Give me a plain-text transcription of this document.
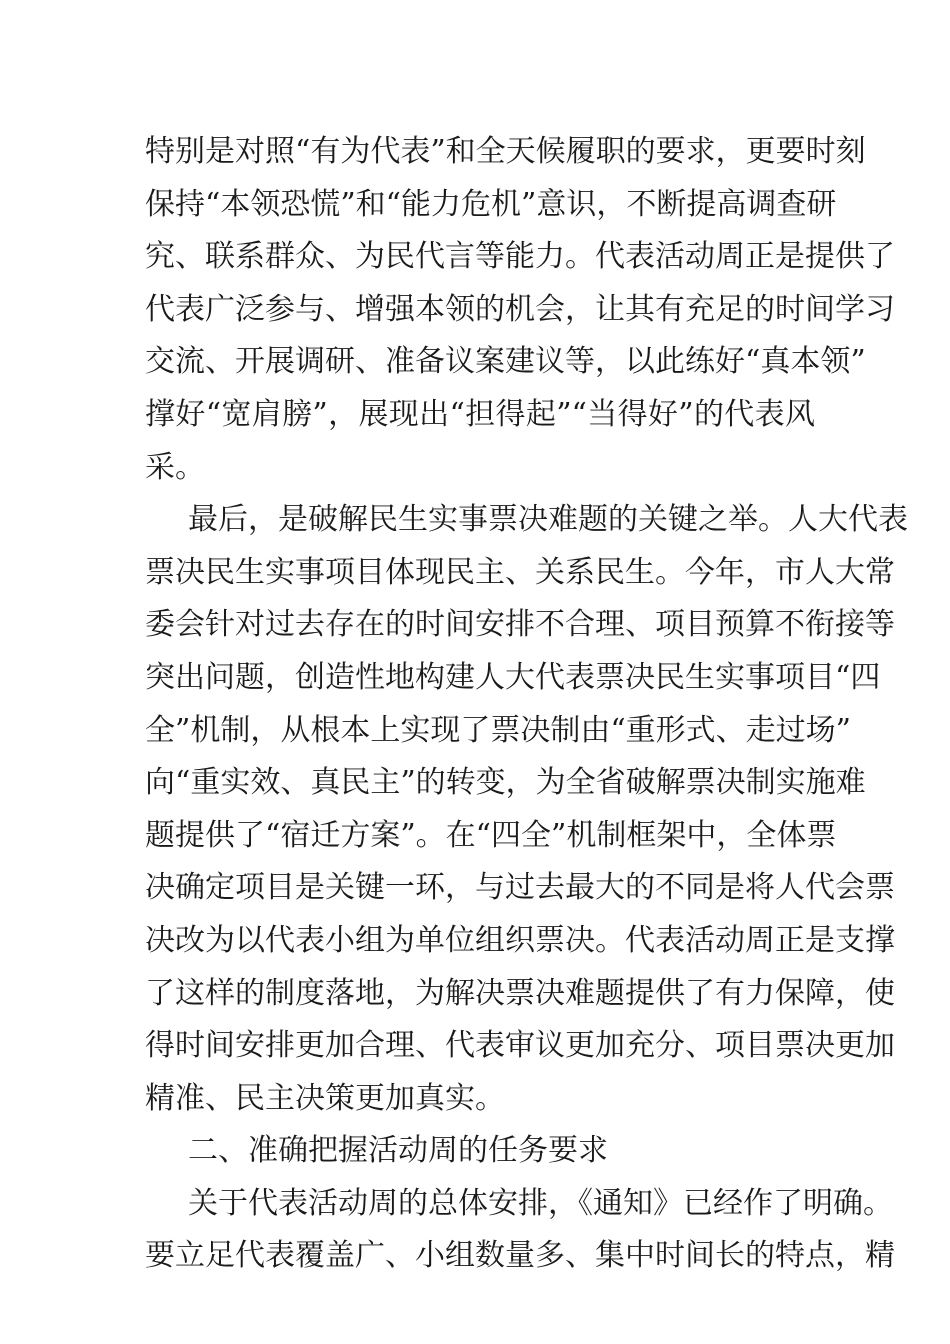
特别是对照“有为代表”和全天候履职的要求，更要时刻
保持“本领恐慌”和“能力危机”意识，不断提高调查研
究、联系群众、为民代言等能力。代表活动周正是提供了
代表广泛参与、增强本领的机会，让其有充足的时间学习
交流、开展调研、准备议案建议等，以此练好“真本领”
撑好“宽肩膀”，展现出“担得起”“当得好”的代表风
采。
最后，是破解民生实事票决难题的关键之举。人大代表
票决民生实事项目体现民主、关系民生。今年，市人大常
委会针对过去存在的时间安排不合理、项目预算不衔接等
突出问题，创造性地构建人大代表票决民生实事项目“四
全”机制，从根本上实现了票决制由“重形式、走过场”
向“重实效、真民主”的转变，为全省破解票决制实施难
题提供了“宿迁方案”。在“四全”机制框架中，全体票
决确定项目是关键一环，与过去最大的不同是将人代会票
决改为以代表小组为单位组织票决。代表活动周正是支撑
了这样的制度落地，为解决票决难题提供了有力保障，使
得时间安排更加合理、代表审议更加充分、项目票决更加
精准、民主决策更加真实。
二、准确把握活动周的任务要求
关于代表活动周的总体安排，《通知》已经作了明确。
要立足代表覆盖广、小组数量多、集中时间长的特点，精
